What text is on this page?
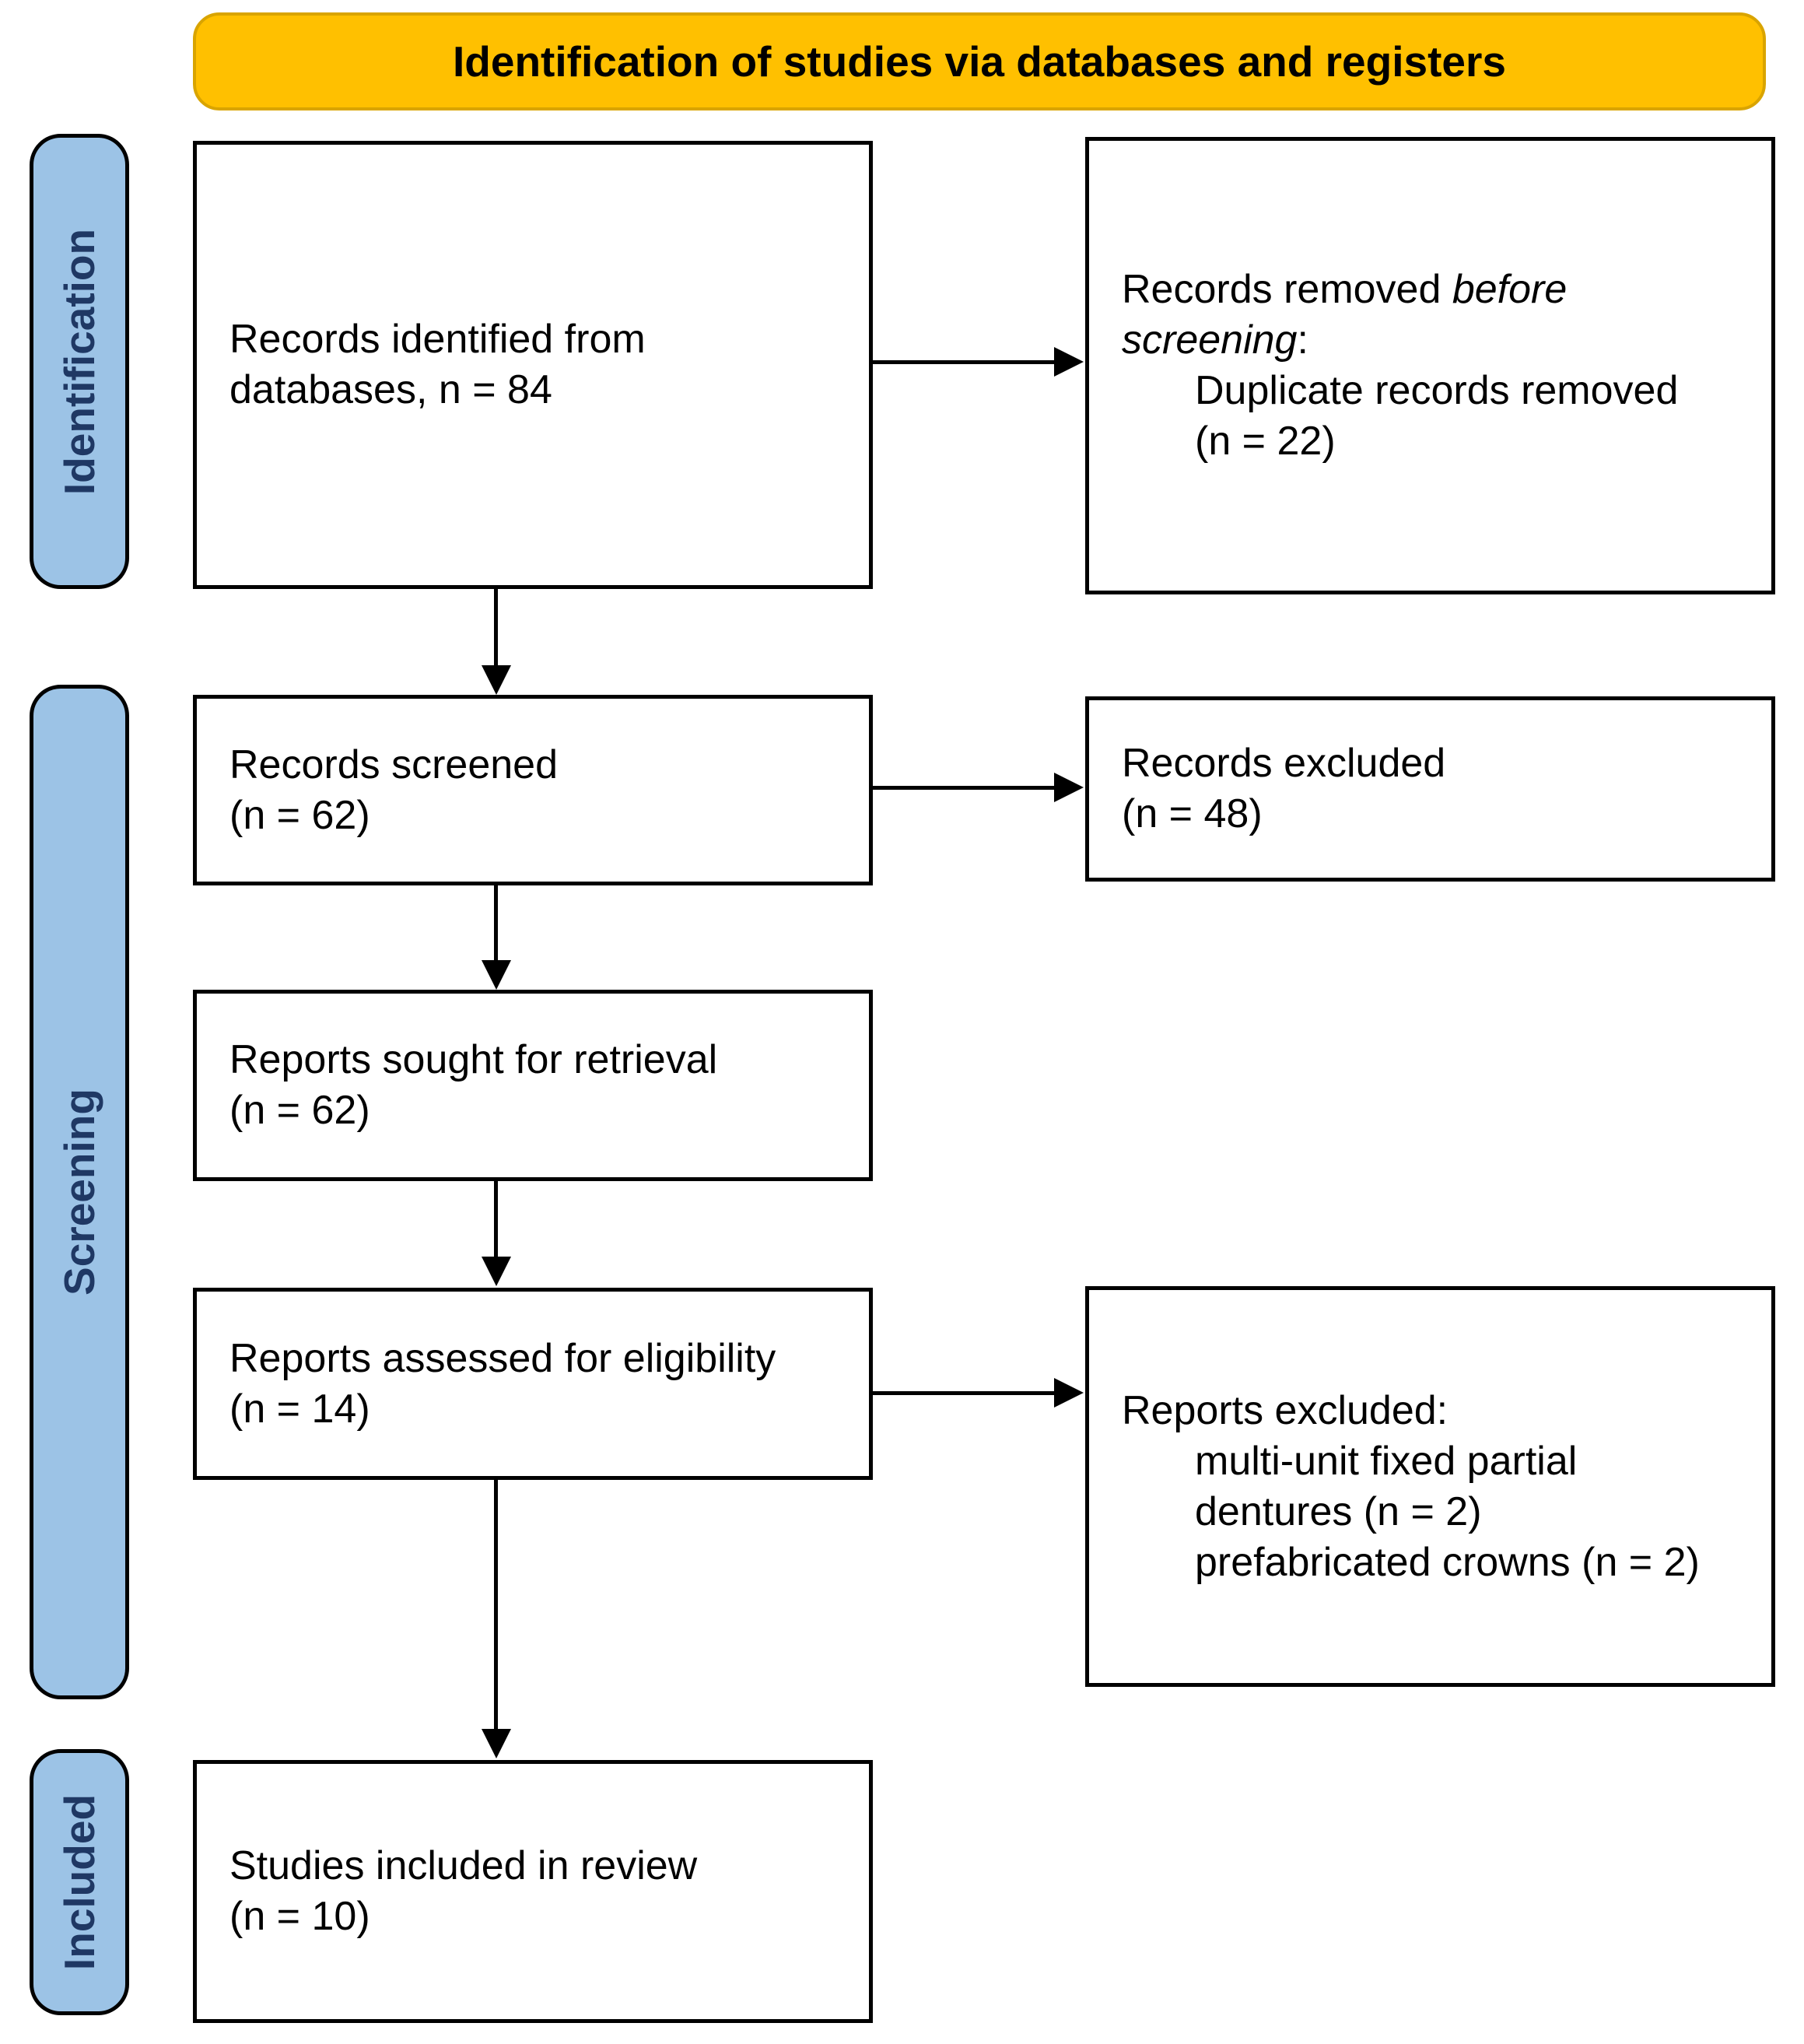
Identification of studies via databases and registers
Identification
Screening
Included
Records identified from
databases, n = 84
Records screened
(n = 62)
Reports sought for retrieval
(n = 62)
Reports assessed for eligibility
(n = 14)
Studies included in review
(n = 10)
Records removed before screening:
Duplicate records removed
(n = 22)
Records excluded
(n = 48)
Reports excluded:
multi-unit fixed partial
dentures (n = 2)
prefabricated crowns (n = 2)
